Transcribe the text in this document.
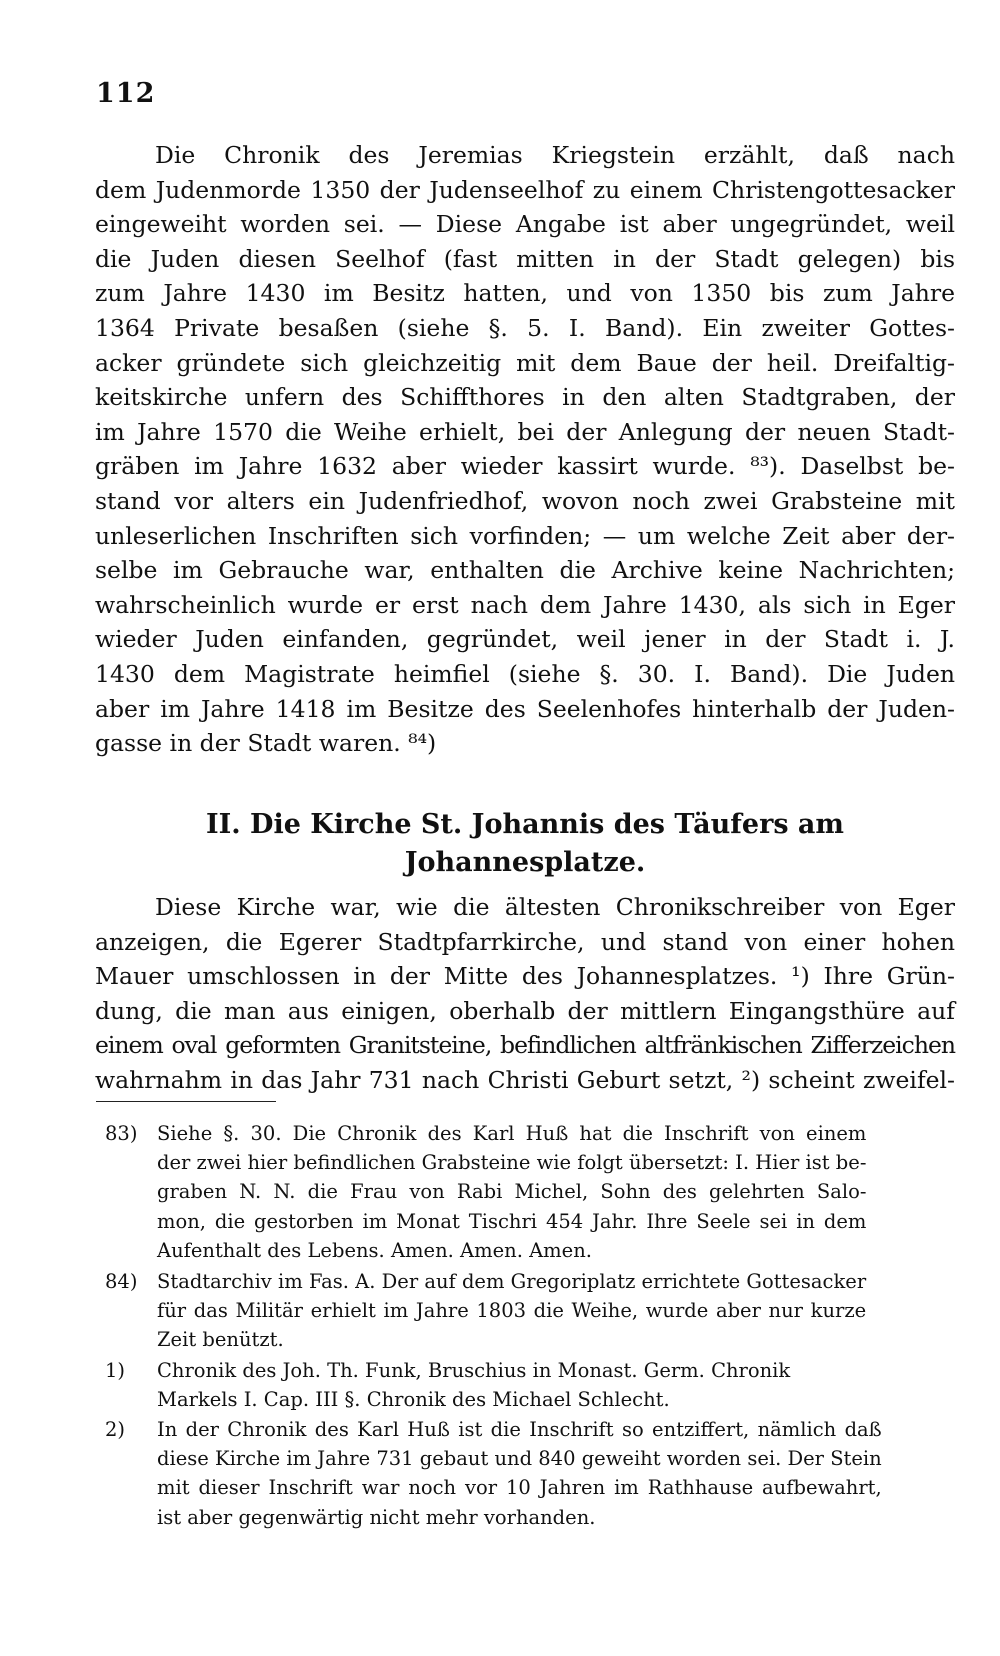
112
Die Chronik des Jeremias Kriegstein erzählt, daß nach
dem Judenmorde 1350 der Judenseelhof zu einem Christengottesacker
eingeweiht worden sei. — Diese Angabe ist aber ungegründet, weil
die Juden diesen Seelhof (fast mitten in der Stadt gelegen) bis
zum Jahre 1430 im Besitz hatten, und von 1350 bis zum Jahre
1364 Private besaßen (siehe §. 5. I. Band). Ein zweiter Gottes-
acker gründete sich gleichzeitig mit dem Baue der heil. Dreifaltig-
keitskirche unfern des Schiffthores in den alten Stadtgraben, der
im Jahre 1570 die Weihe erhielt, bei der Anlegung der neuen Stadt-
gräben im Jahre 1632 aber wieder kassirt wurde. ⁸³). Daselbst be-
stand vor alters ein Judenfriedhof, wovon noch zwei Grabsteine mit
unleserlichen Inschriften sich vorfinden; — um welche Zeit aber der-
selbe im Gebrauche war, enthalten die Archive keine Nachrichten;
wahrscheinlich wurde er erst nach dem Jahre 1430, als sich in Eger
wieder Juden einfanden, gegründet, weil jener in der Stadt i. J.
1430 dem Magistrate heimfiel (siehe §. 30. I. Band). Die Juden
aber im Jahre 1418 im Besitze des Seelenhofes hinterhalb der Juden-
gasse in der Stadt waren. ⁸⁴)
II. Die Kirche St. Johannis des Täufers am
Johannesplatze.
Diese Kirche war, wie die ältesten Chronikschreiber von Eger
anzeigen, die Egerer Stadtpfarrkirche, und stand von einer hohen
Mauer umschlossen in der Mitte des Johannesplatzes. ¹) Ihre Grün-
dung, die man aus einigen, oberhalb der mittlern Eingangsthüre auf
einem oval geformten Granitsteine, befindlichen altfränkischen Zifferzeichen
wahrnahm in das Jahr 731 nach Christi Geburt setzt, ²) scheint zweifel-
83) Siehe §. 30. Die Chronik des Karl Huß hat die Inschrift von einem
der zwei hier befindlichen Grabsteine wie folgt übersetzt: I. Hier ist be-
graben N. N. die Frau von Rabi Michel, Sohn des gelehrten Salo-
mon, die gestorben im Monat Tischri 454 Jahr. Ihre Seele sei in dem
Aufenthalt des Lebens. Amen. Amen. Amen.
84) Stadtarchiv im Fas. A. Der auf dem Gregoriplatz errichtete Gottesacker
für das Militär erhielt im Jahre 1803 die Weihe, wurde aber nur kurze
Zeit benützt.
1) Chronik des Joh. Th. Funk, Bruschius in Monast. Germ. Chronik
Markels I. Cap. III §. Chronik des Michael Schlecht.
2) In der Chronik des Karl Huß ist die Inschrift so entziffert, nämlich daß
diese Kirche im Jahre 731 gebaut und 840 geweiht worden sei. Der Stein
mit dieser Inschrift war noch vor 10 Jahren im Rathhause aufbewahrt,
ist aber gegenwärtig nicht mehr vorhanden.
